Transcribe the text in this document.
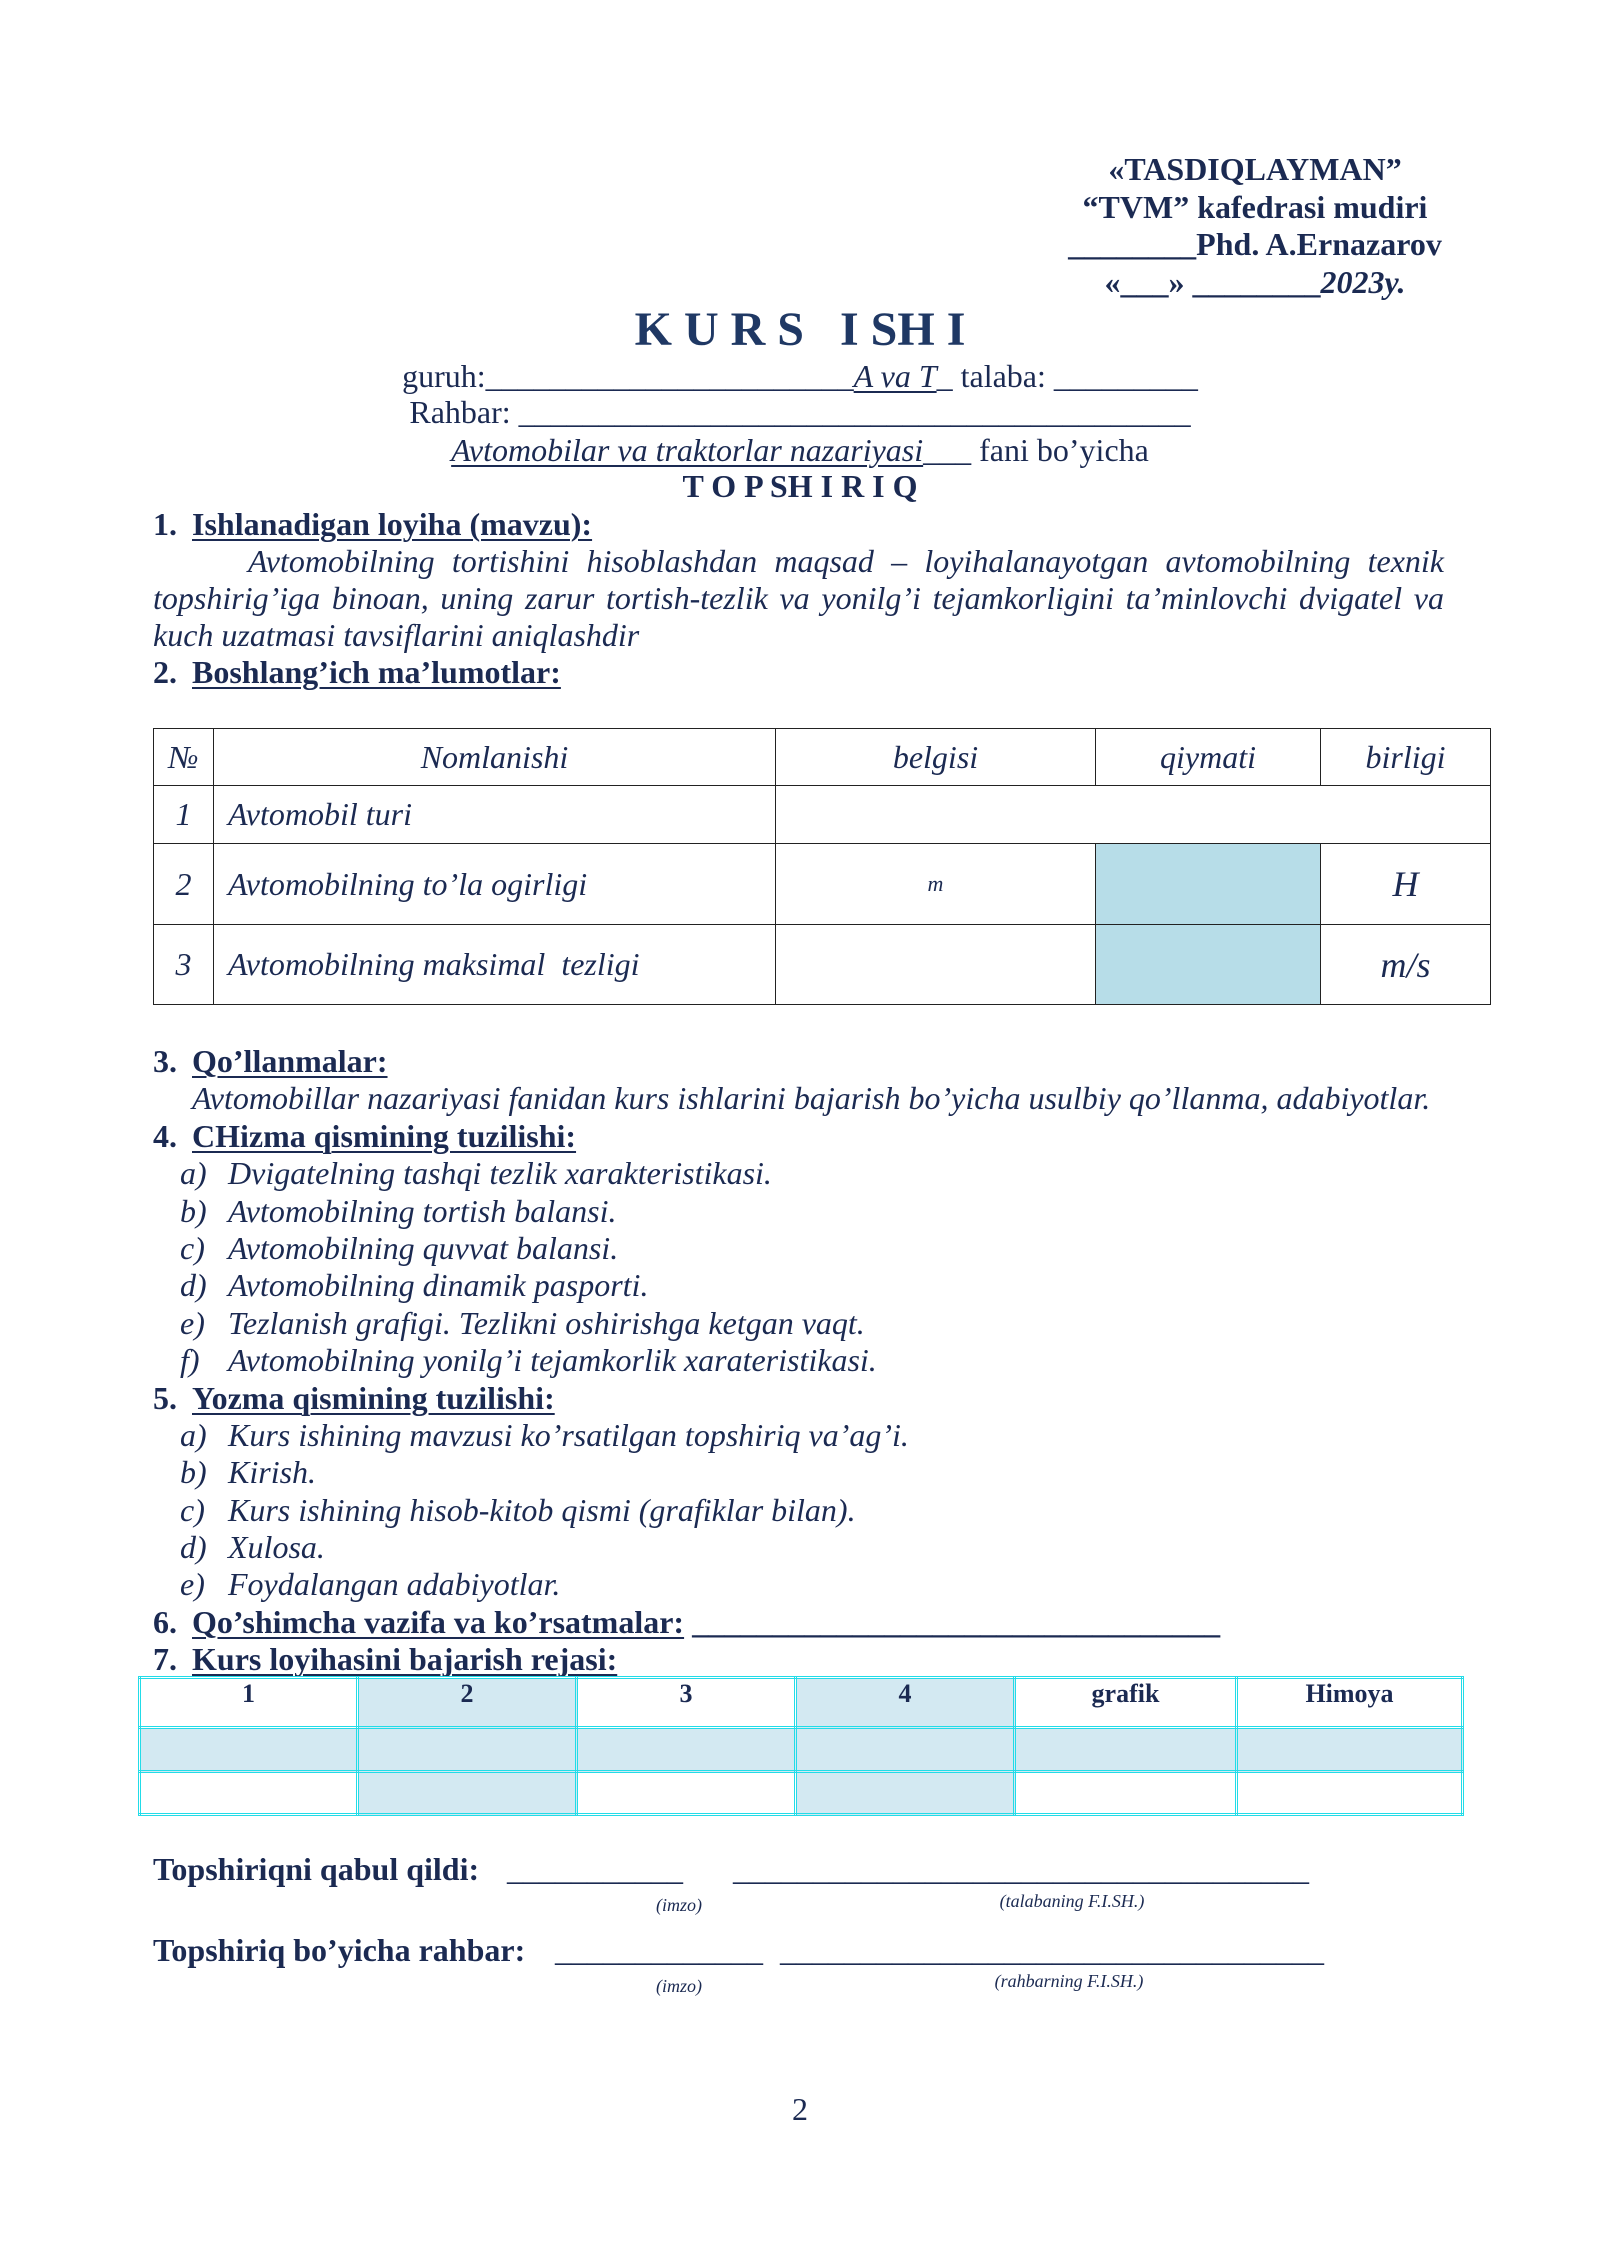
«TASDIQLAYMAN”
“TVM” kafedrasi mudiri
________Phd. A.Ernazarov
«___» ________2023y.
K U R S   I SH I
guruh:_______________________A va T_ talaba: _________
Rahbar: __________________________________________
Avtomobilar va traktorlar nazariyasi___ fani bo’yicha
T O P SH I R I Q
1. Ishlanadigan loyiha (mavzu):
Avtomobilning tortishini hisoblashdan maqsad – loyihalanayotgan avtomobilning texnik topshirig’iga binoan, uning zarur tortish-tezlik va yonilg’i tejamkorligini ta’minlovchi dvigatel va kuch uzatmasi tavsiflarini aniqlashdir
2. Boshlang’ich ma’lumotlar:
№	Nomlanishi	belgisi	qiymati	birligi
1	Avtomobil turi			
2	Avtomobilning to’la ogirligi	m		H
3	Avtomobilning maksimal  tezligi			m/s
3. Qo’llanmalar:
Avtomobillar nazariyasi fanidan kurs ishlarini bajarish bo’yicha usulbiy qo’llanma, adabiyotlar.
4. CHizma qismining tuzilishi:
a) Dvigatelning tashqi tezlik xarakteristikasi.
b) Avtomobilning tortish balansi.
c) Avtomobilning quvvat balansi.
d) Avtomobilning dinamik pasporti.
e) Tezlanish grafigi. Tezlikni oshirishga ketgan vaqt.
f) Avtomobilning yonilg’i tejamkorlik xarateristikasi.
5. Yozma qismining tuzilishi:
a) Kurs ishining mavzusi ko’rsatilgan topshiriq va’ag’i.
b) Kirish.
c) Kurs ishining hisob-kitob qismi (grafiklar bilan).
d) Xulosa.
e) Foydalangan adabiyotlar.
6. Qo’shimcha vazifa va ko’rsatmalar: _________________________________
7. Kurs loyihasini bajarish rejasi:
1	2	3	4	grafik	Himoya

Topshiriqni qabul qildi: ___________ ____________________________________
(imzo)	(talabaning F.I.SH.)
Topshiriq bo’yicha rahbar: _____________ __________________________________
(imzo)	(rahbarning F.I.SH.)
2
